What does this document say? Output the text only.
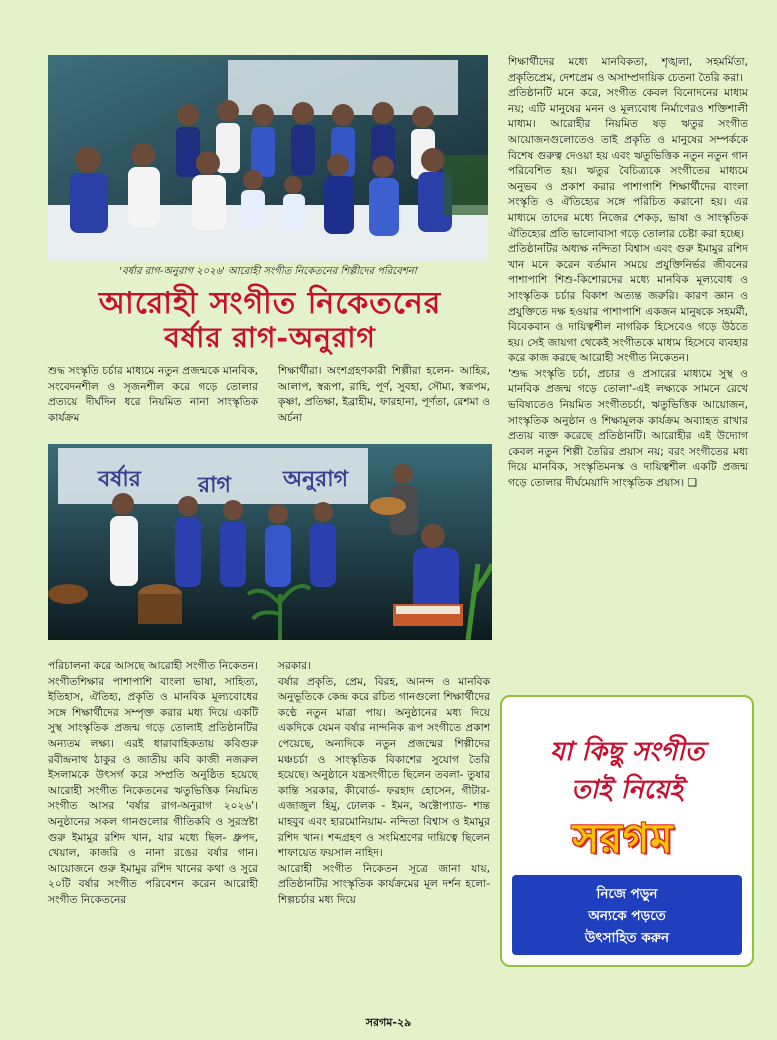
'বর্ষার রাগ-অনুরাগ ২০২৬' আরোহী সংগীত নিকেতনের শিল্পীদের পরিবেশনা
আরোহী সংগীত নিকেতনের
বর্ষার রাগ-অনুরাগ

শুদ্ধ সংস্কৃতি চর্চার মাধ্যমে নতুন প্রজন্মকে মানবিক, সংবেদনশীল ও সৃজনশীল করে গড়ে তোলার প্রত্যয়ে দীর্ঘদিন ধরে নিয়মিত নানা সাংস্কৃতিক কার্যক্রম

শিক্ষার্থীরা। অংশগ্রহণকারী শিল্পীরা হলেন- আহির, আলাপ, স্বরূপা, রাহি, পূর্ণ, সুবহা, সৌম্য, স্বরূপম, কৃষ্ণা, প্রতিক্ষা, ইব্রাহীম, ফারহানা, পূর্ণতা, রেশমা ও অর্চনা

বর্ষার	রাগ অনুরাগ

পরিচালনা করে আসছে আরোহী সংগীত নিকেতন। সংগীতশিক্ষার পাশাপাশি বাংলা ভাষা, সাহিত্য, ইতিহাস, ঐতিহ্য, প্রকৃতি ও মানবিক মূল্যবোধের সঙ্গে শিক্ষার্থীদের সম্পৃক্ত করার মধ্য দিয়ে একটি সুস্থ সাংস্কৃতিক প্রজন্ম গড়ে তোলাই প্রতিষ্ঠানটির অন্যতম লক্ষ্য। এরই ধারাবাহিকতায় কবিগুরু রবীন্দ্রনাথ ঠাকুর ও জাতীয় কবি কাজী নজরুল ইসলামকে উৎসর্গ করে সম্প্রতি অনুষ্ঠিত হয়েছে আরোহী সংগীত নিকেতনের ঋতুভিত্তিক নিয়মিত সংগীত আসর 'বর্ষার রাগ-অনুরাগ ২০২৬'। অনুষ্ঠানের সকল গানগুলোর গীতিকবি ও সুরস্রষ্টা গুরু ইমামুর রশিদ খান, যার মধ্যে ছিল- ধ্রুপদ, খেয়াল, কাজরি ও নানা রঙের বর্ষার গান। আয়োজনে গুরু ইমামুর রশিদ খানের কথা ও সুরে ২০টি বর্ষার সংগীত পরিবেশন করেন আরোহী সংগীত নিকেতনের

সরকার।

বর্ষার প্রকৃতি, প্রেম, বিরহ, আনন্দ ও মানবিক অনুভূতিকে কেন্দ্র করে রচিত গানগুলো শিক্ষার্থীদের কণ্ঠে নতুন মাত্রা পায়। অনুষ্ঠানের মধ্য দিয়ে একদিকে যেমন বর্ষার নান্দনিক রূপ সংগীতে প্রকাশ পেয়েছে, অন্যদিকে নতুন প্রজন্মের শিল্পীদের মঞ্চচর্চা ও সাংস্কৃতিক বিকাশের সুযোগ তৈরি হয়েছে। অনুষ্ঠানে যন্ত্রসংগীতে ছিলেন তবলা- তুষার কান্তি সরকার, কীবোর্ড- ফরহাদ হোসেন, গীটার- এজাজুল হিমু, ঢোলক - ইমন, অক্টোপ্যাড- শান্ত মাহবুব এবং হারমোনিয়াম- নন্দিতা বিশ্বাস ও ইমামুর রশিদ খান। শব্দগ্রহণ ও সংমিশ্রণের দায়িত্বে ছিলেন শাফায়েত ফয়সাল নাহিদ।

আরোহী সংগীত নিকেতন সূত্রে জানা যায়, প্রতিষ্ঠানটির সাংস্কৃতিক কার্যক্রমের মূল দর্শন হলো- শিল্পচর্চার মধ্য দিয়ে

শিক্ষার্থীদের মধ্যে মানবিকতা, শৃঙ্খলা, সহমর্মিতা, প্রকৃতিপ্রেম, দেশপ্রেম ও অসাম্প্রদায়িক চেতনা তৈরি করা।

প্রতিষ্ঠানটি মনে করে, সংগীত কেবল বিনোদনের মাধ্যম নয়; এটি মানুষের মনন ও মূল্যবোধ নির্মাণেরও শক্তিশালী মাধ্যম। আরোহীর নিয়মিত ষড় ঋতুর সংগীত আয়োজনগুলোতেও তাই প্রকৃতি ও মানুষের সম্পর্ককে বিশেষ গুরুত্ব দেওয়া হয় এবং ঋতুভিত্তিক নতুন নতুন গান পরিবেশিত হয়। ঋতুর বৈচিত্র্যকে সংগীতের মাধ্যমে অনুভব ও প্রকাশ করার পাশাপাশি শিক্ষার্থীদের বাংলা সংস্কৃতি ও ঐতিহ্যের সঙ্গে পরিচিত করানো হয়। এর মাধ্যমে তাদের মধ্যে নিজের শেকড়, ভাষা ও সাংস্কৃতিক ঐতিহ্যের প্রতি ভালোবাসা গড়ে তোলার চেষ্টা করা হচ্ছে।

প্রতিষ্ঠানটির অধ্যক্ষ নন্দিতা বিশ্বাস এবং গুরু ইমামুর রশিদ খান মনে করেন বর্তমান সময়ে প্রযুক্তিনির্ভর জীবনের পাশাপাশি শিশু-কিশোরদের মধ্যে মানবিক মূল্যবোধ ও সাংস্কৃতিক চর্চার বিকাশ অত্যন্ত জরুরি। কারণ জ্ঞান ও প্রযুক্তিতে দক্ষ হওয়ার পাশাপাশি একজন মানুষকে সহমর্মী, বিবেকবান ও দায়িত্বশীল নাগরিক হিসেবেও গড়ে উঠতে হয়। সেই জায়গা থেকেই সংগীতকে মাধ্যম হিসেবে ব্যবহার করে কাজ করছে আরোহী সংগীত নিকেতন।

'শুদ্ধ সংস্কৃতি চর্চা, প্রচার ও প্রসারের মাধ্যমে সুস্থ ও মানবিক প্রজন্ম গড়ে তোলা'-এই লক্ষ্যকে সামনে রেখে ভবিষ্যতেও নিয়মিত সংগীতচর্চা, ঋতুভিত্তিক আয়োজন, সাংস্কৃতিক অনুষ্ঠান ও শিক্ষামূলক কার্যক্রম অব্যাহত রাখার প্রত্যয় ব্যক্ত করেছে প্রতিষ্ঠানটি। আরোহীর এই উদ্যোগ কেবল নতুন শিল্পী তৈরির প্রয়াস নয়; বরং সংগীতের মধ্য দিয়ে মানবিক, সংস্কৃতিমনস্ক ও দায়িত্বশীল একটি প্রজন্ম গড়ে তোলার দীর্ঘমেয়াদি সাংস্কৃতিক প্রয়াস। ❏

যা কিছু সংগীত
তাই নিয়েই
সরগম
নিজে পড়ুন
অন্যকে পড়তে
উৎসাহিত করুন
সরগম-২৯
